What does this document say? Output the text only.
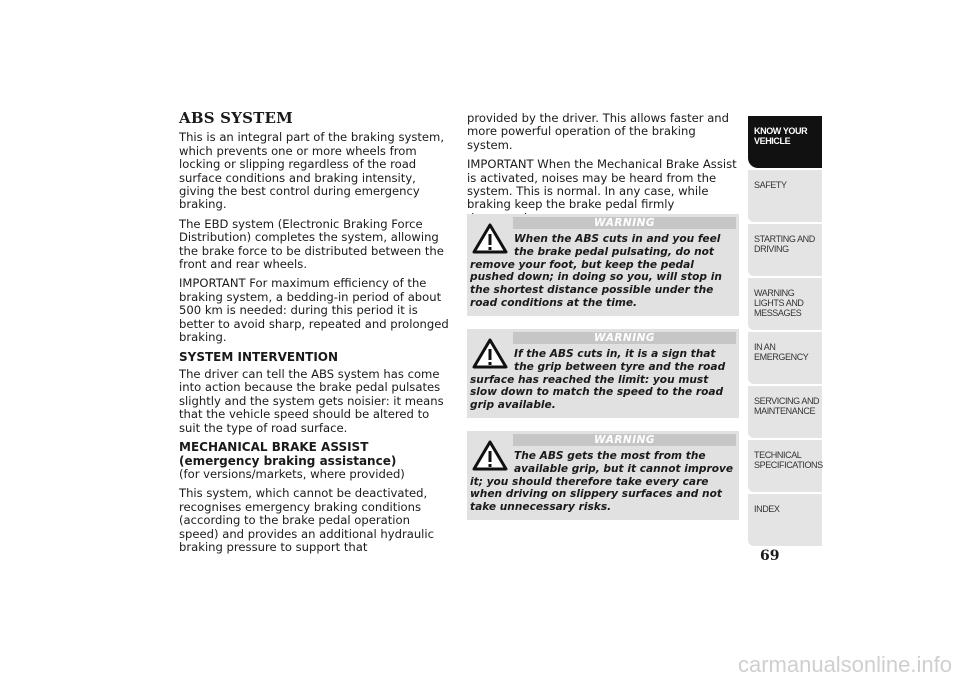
ABS SYSTEM

This is an integral part of the braking system, which prevents one or more wheels from locking or slipping regardless of the road surface conditions and braking intensity, giving the best control during emergency braking.

The EBD system (Electronic Braking Force Distribution) completes the system, allowing the brake force to be distributed between the front and rear wheels.

IMPORTANT For maximum efficiency of the braking system, a bedding-in period of about 500 km is needed: during this period it is better to avoid sharp, repeated and prolonged braking.

SYSTEM INTERVENTION

The driver can tell the ABS system has come into action because the brake pedal pulsates slightly and the system gets noisier: it means that the vehicle speed should be altered to suit the type of road surface.

MECHANICAL BRAKE ASSIST (emergency braking assistance)

(for versions/markets, where provided)

This system, which cannot be deactivated, recognises emergency braking conditions (according to the brake pedal operation speed) and provides an additional hydraulic braking pressure to support that

provided by the driver. This allows faster and more powerful operation of the braking system.

IMPORTANT When the Mechanical Brake Assist is activated, noises may be heard from the system. This is normal. In any case, while braking keep the brake pedal firmly

WARNING
When the ABS cuts in and you feel the brake pedal pulsating, do not remove your foot, but keep the pedal pushed down; in doing so you, will stop in the shortest distance possible under the road conditions at the time.
WARNING
If the ABS cuts in, it is a sign that the grip between tyre and the road surface has reached the limit: you must slow down to match the speed to the road grip available.
WARNING
The ABS gets the most from the available grip, but it cannot improve it; you should therefore take every care when driving on slippery surfaces and not take unnecessary risks.
KNOW YOUR VEHICLE
SAFETY
STARTING AND DRIVING
WARNING LIGHTS AND MESSAGES
IN AN EMERGENCY
SERVICING AND MAINTENANCE
TECHNICAL SPECIFICATIONS
INDEX
69
carmanualsonline.info
